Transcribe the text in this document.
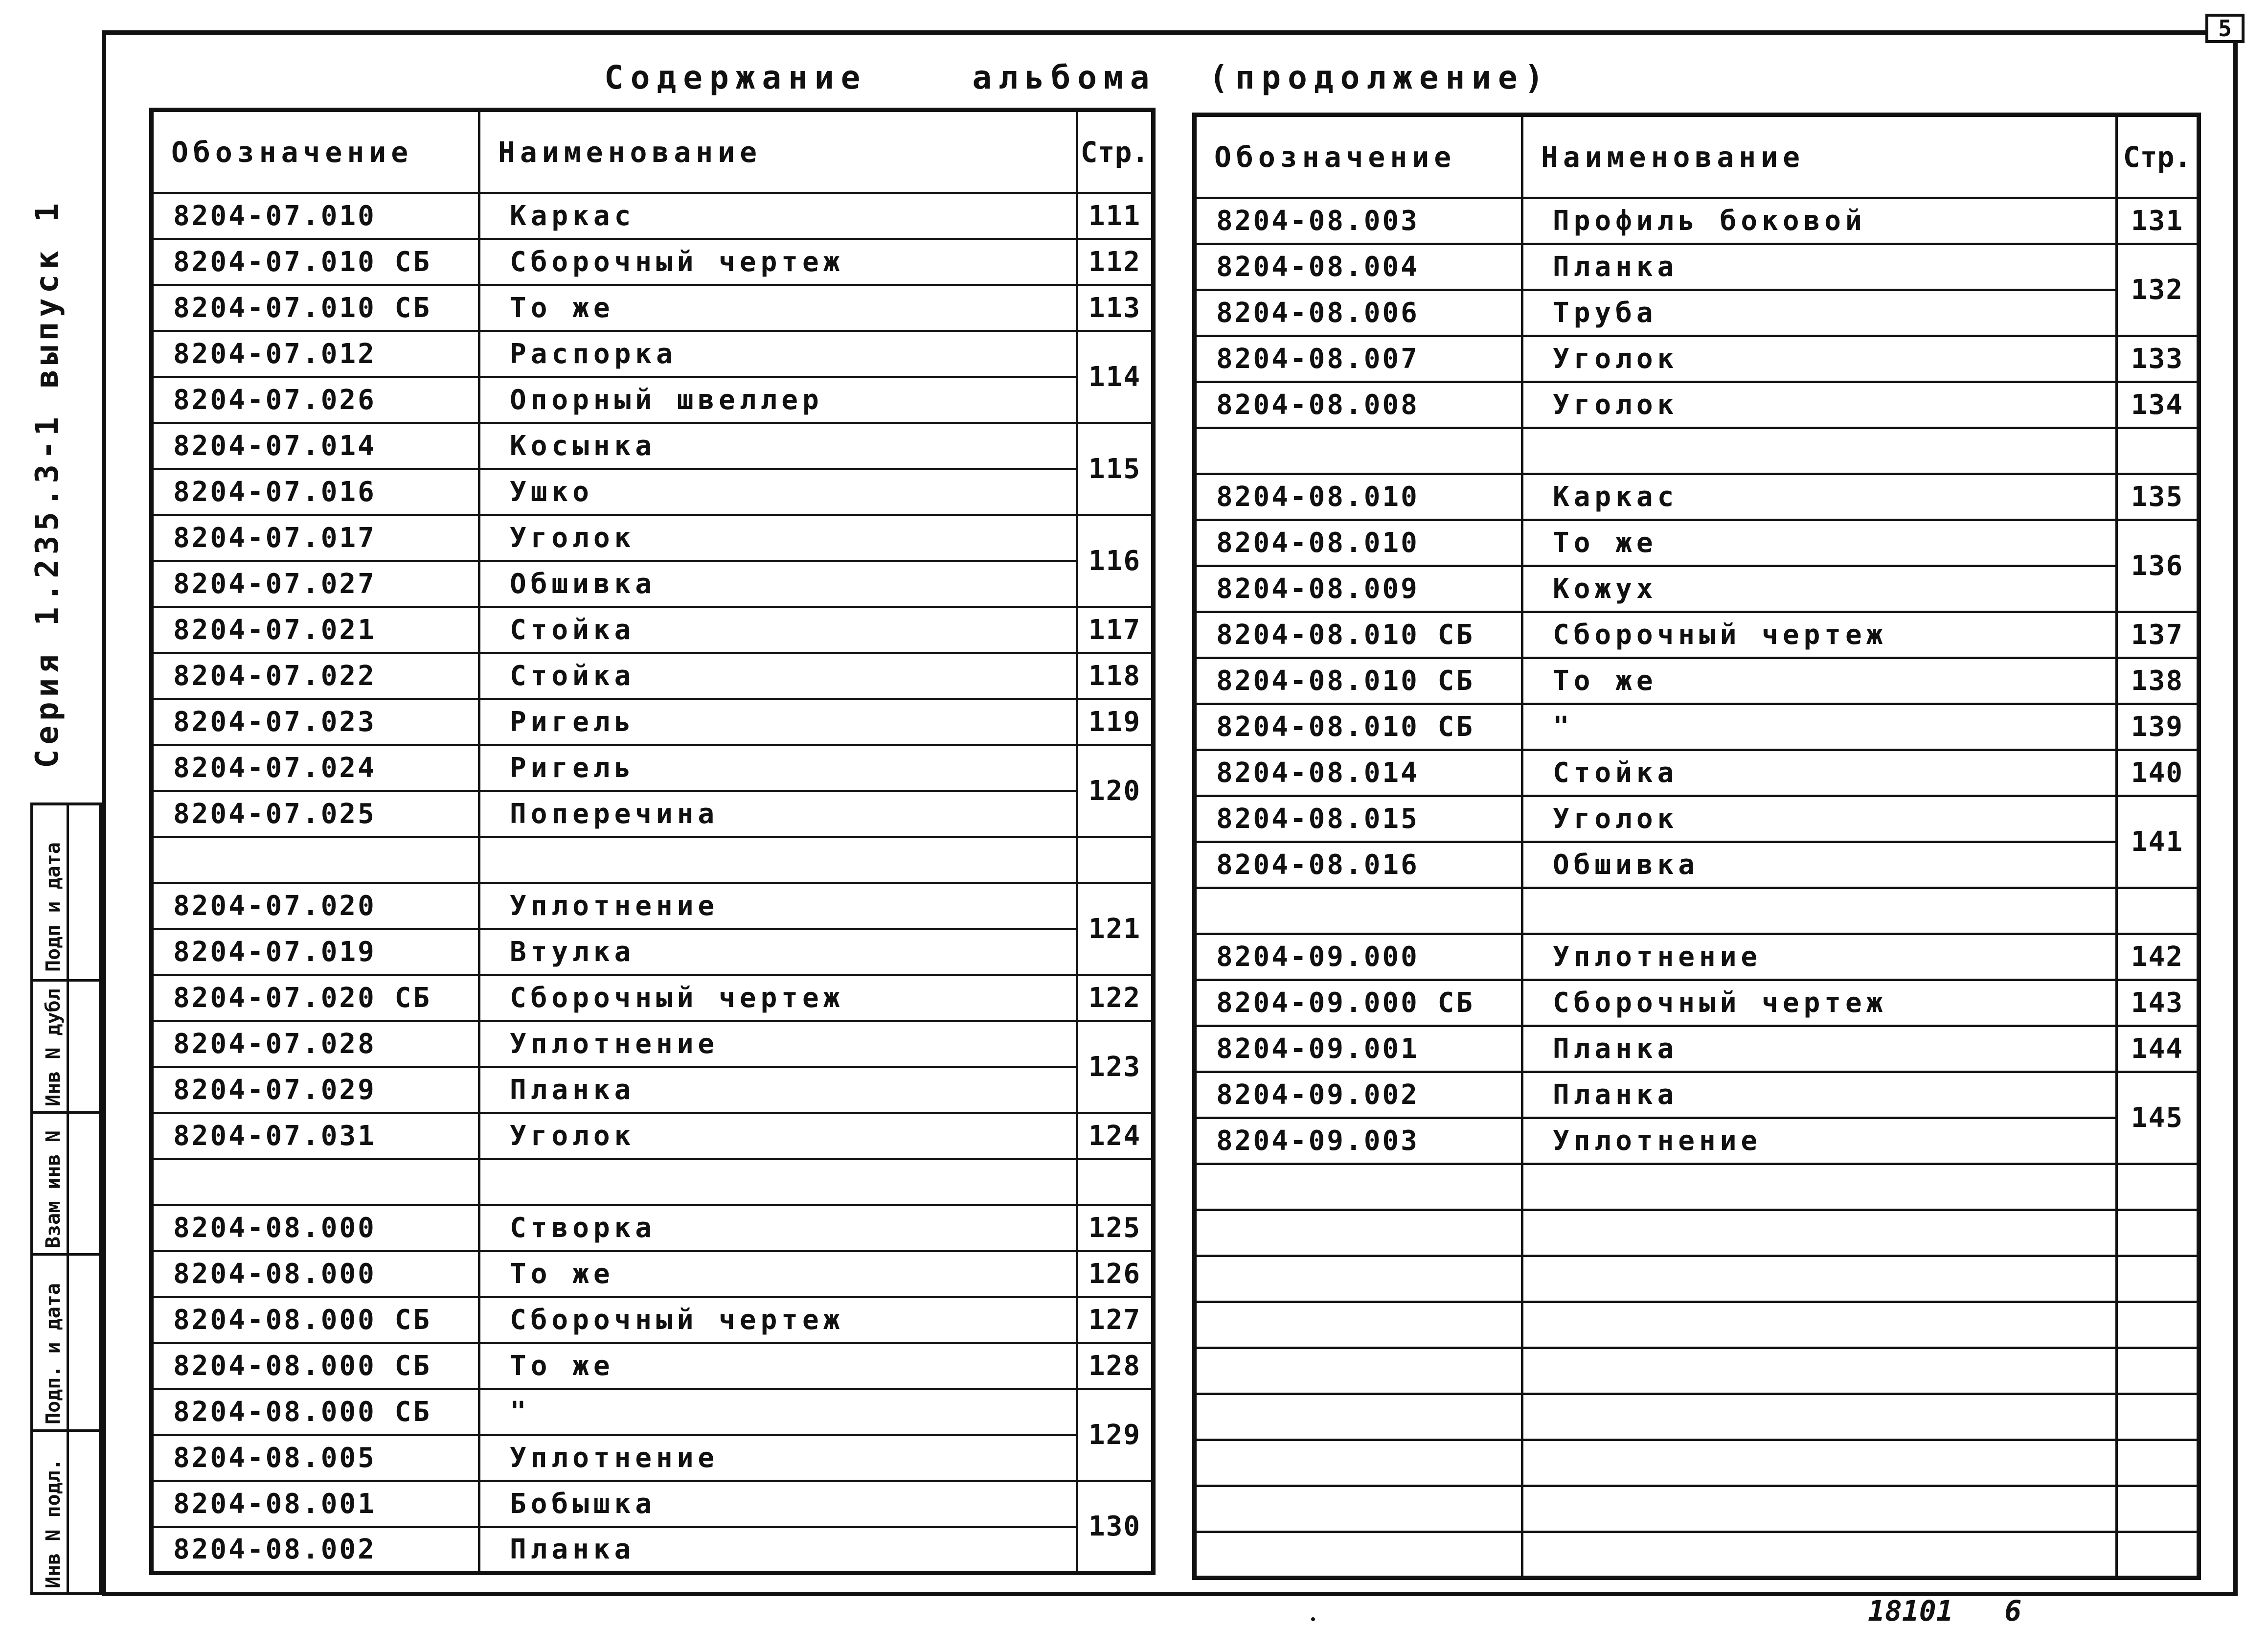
5
Серия 1.235.3-1 выпуск 1
Подп и дата
Инв N дубл
Взам инв N
Подп. и дата
Инв N подл.
Содержание	альбома (продолжение)
Обозначение	Наименование	Стр.
8204-07.010	Каркас	111
8204-07.010 СБ	Сборочный чертеж	112
8204-07.010 СБ	То же	113
8204-07.012	Распорка	114
8204-07.026	Опорный швеллер	
8204-07.014	Косынка	115
8204-07.016	Ушко	
8204-07.017	Уголок	116
8204-07.027	Обшивка	
8204-07.021	Стойка	117
8204-07.022	Стойка	118
8204-07.023	Ригель	119
8204-07.024	Ригель	120
8204-07.025	Поперечина	

8204-07.020	Уплотнение	121
8204-07.019	Втулка	
8204-07.020 СБ	Сборочный чертеж	122
8204-07.028	Уплотнение	123
8204-07.029	Планка	
8204-07.031	Уголок	124

8204-08.000	Створка	125
8204-08.000	То же	126
8204-08.000 СБ	Сборочный чертеж	127
8204-08.000 СБ	То же	128
8204-08.000 СБ	"	129
8204-08.005	Уплотнение	
8204-08.001	Бобышка	130
8204-08.002	Планка	
Обозначение	Наименование	Стр.
8204-08.003	Профиль боковой	131
8204-08.004	Планка	132
8204-08.006	Труба	
8204-08.007	Уголок	133
8204-08.008	Уголок	134

8204-08.010	Каркас	135
8204-08.010	То же	136
8204-08.009	Кожух	
8204-08.010 СБ	Сборочный чертеж	137
8204-08.010 СБ	То же	138
8204-08.010 СБ	"	139
8204-08.014	Стойка	140
8204-08.015	Уголок	141
8204-08.016	Обшивка	

8204-09.000	Уплотнение	142
8204-09.000 СБ	Сборочный чертеж	143
8204-09.001	Планка	144
8204-09.002	Планка	145
8204-09.003	Уплотнение	

18101 6
